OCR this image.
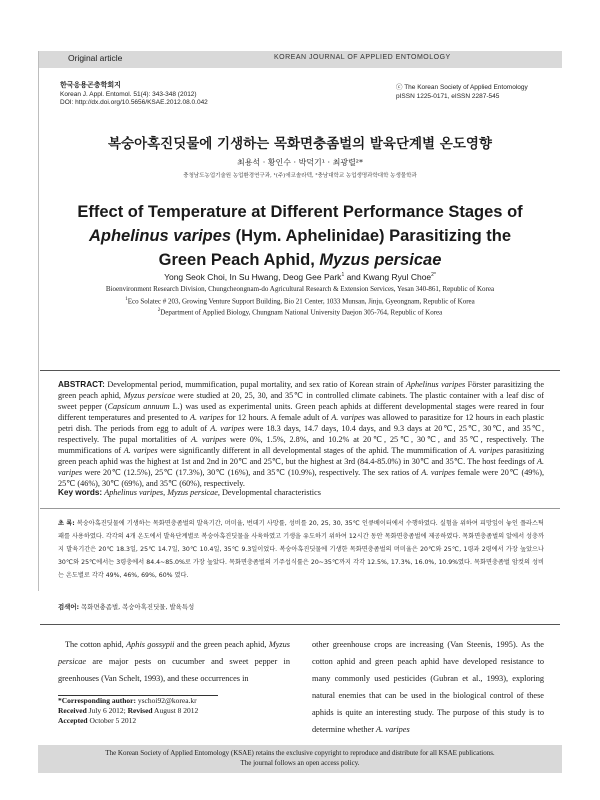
Original article	KOREAN JOURNAL OF APPLIED ENTOMOLOGY
한국응용곤충학회지
Korean J. Appl. Entomol. 51(4): 343-348 (2012)
DOI: http://dx.doi.org/10.5656/KSAE.2012.08.0.042
ⓒ The Korean Society of Applied Entomology
pISSN 1225-0171, eISSN 2287-545
복숭아혹진딧물에 기생하는 목화면충좀벌의 발육단계별 온도영향
최용석 · 황인수 · 박덕기¹ · 최광렬²*
충청남도농업기술원 농업환경연구과, ¹(주)에코솔라텍, ²충남대학교 농업생명과학대학 농생물학과
Effect of Temperature at Different Performance Stages of
Aphelinus varipes (Hym. Aphelinidae) Parasitizing the
Green Peach Aphid, Myzus persicae
Yong Seok Choi, In Su Hwang, Deog Gee Park$^1$ and Kwang Ryul Choe$^{2*}$
Bioenvironment Research Division, Chungcheongnam-do Agricultural Research & Extension Services, Yesan 340-861, Republic of Korea
$^1$Eco Solatec # 203, Growing Venture Support Building, Bio 21 Center, 1033 Munsan, Jinju, Gyeongnam, Republic of Korea
$^2$Department of Applied Biology, Chungnam National University Daejon 305-764, Republic of Korea
ABSTRACT: Developmental period, mummification, pupal mortality, and sex ratio of Korean strain of Aphelinus varipes Förster parasitizing the green peach aphid, Myzus persicae were studied at 20, 25, 30, and 35℃ in controlled climate cabinets. The plastic container with a leaf disc of sweet pepper (Capsicum annuum L.) was used as experimental units. Green peach aphids at different developmental stages were reared in four different temperatures and presented to A. varipes for 12 hours. A female adult of A. varipes was allowed to parasitize for 12 hours in each plastic petri dish. The periods from egg to adult of A. varipes were 18.3 days, 14.7 days, 10.4 days, and 9.3 days at 20℃, 25℃, 30℃, and 35℃, respectively. The pupal mortalities of A. varipes were 0%, 1.5%, 2.8%, and 10.2% at 20℃, 25℃, 30℃, and 35℃, respectively. The mummifications of A. varipes were significantly different in all developmental stages of the aphid. The mummification of A. varipes parasitizing green peach aphid was the highest at 1st and 2nd in 20℃ and 25℃, but the highest at 3rd (84.4-85.0%) in 30℃ and 35℃. The host feedings of A. varipes were 20℃ (12.5%), 25℃ (17.3%), 30℃ (16%), and 35℃ (10.9%), respectively. The sex ratios of A. varipes female were 20℃ (49%), 25℃ (46%), 30℃ (69%), and 35℃ (60%), respectively.
Key words: Aphelinus varipes, Myzus persicae, Developmental characteristics
초 록: 복숭아혹진딧물에 기생하는 목화면충좀벌의 발육기간, 머미율, 번데기 사망률, 성비를 20, 25, 30, 35℃ 인큐베이터에서 수행하였다. 실험을 위하여 피망잎이 놓인 플라스틱패를 사용하였다. 각각의 4개 온도에서 발육단계별로 복숭아혹진딧물을 사육하였고 기생을 유도하기 위하여 12시간 동안 목화면충좀벌에 제공하였다. 목화면충좀벌의 알에서 성충까지 발육기간은 20℃ 18.3일, 25℃ 14.7일, 30℃ 10.4일, 35℃ 9.3일이었다. 복숭아혹진딧물에 기생한 목화면충좀벌의 머미율은 20℃와 25℃, 1령과 2령에서 가장 높았으나 30℃와 25℃에서는 3령충에서 84.4~85.0%로 가장 높았다. 목화면충좀벌의 기주섭식률은 20~35℃까지 각각 12.5%, 17.3%, 16.0%, 10.9%였다. 목화면충좀벌 암컷의 성비는 온도별로 각각 49%, 46%, 69%, 60% 였다.
검색어: 목화면충좀벌, 복숭아혹진딧물, 발육특성
The cotton aphid, Aphis gossypii and the green peach aphid, Myzus persicae are major pests on cucumber and sweet pepper in greenhouses (Van Schelt, 1993), and these occurrences in
*Corresponding author: yschoi92@korea.kr
Received July 6 2012; Revised August 8 2012
Accepted October 5 2012
other greenhouse crops are increasing (Van Steenis, 1995). As the cotton aphid and green peach aphid have developed resistance to many commonly used pesticides (Gubran et al., 1993), exploring natural enemies that can be used in the biological control of these aphids is quite an interesting study. The purpose of this study is to determine whether A. varipes
The Korean Society of Applied Entomology (KSAE) retains the exclusive copyright to reproduce and distribute for all KSAE publications.
The journal follows an open access policy.
